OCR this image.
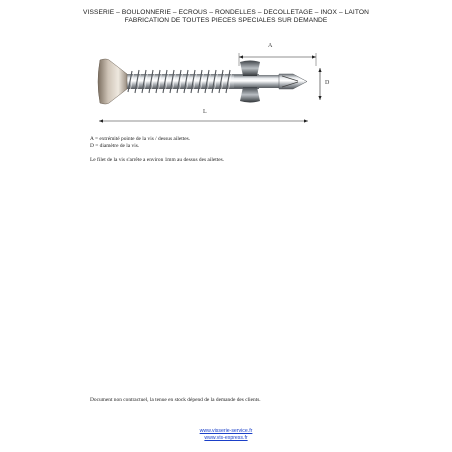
VISSERIE – BOULONNERIE – ECROUS – RONDELLES – DECOLLETAGE – INOX – LAITON
FABRICATION DE TOUTES PIECES SPECIALES SUR DEMANDE
A
D
L
A = extrémité pointe de la vis / dessus ailettes.
D = diamètre de la vis.
Le filet de la vis s'arrête a environ 1mm au dessus des ailettes.
Document non contractuel, la tenue en stock dépend de la demande des clients.
www.visserie-service.fr
www.vis-express.fr
